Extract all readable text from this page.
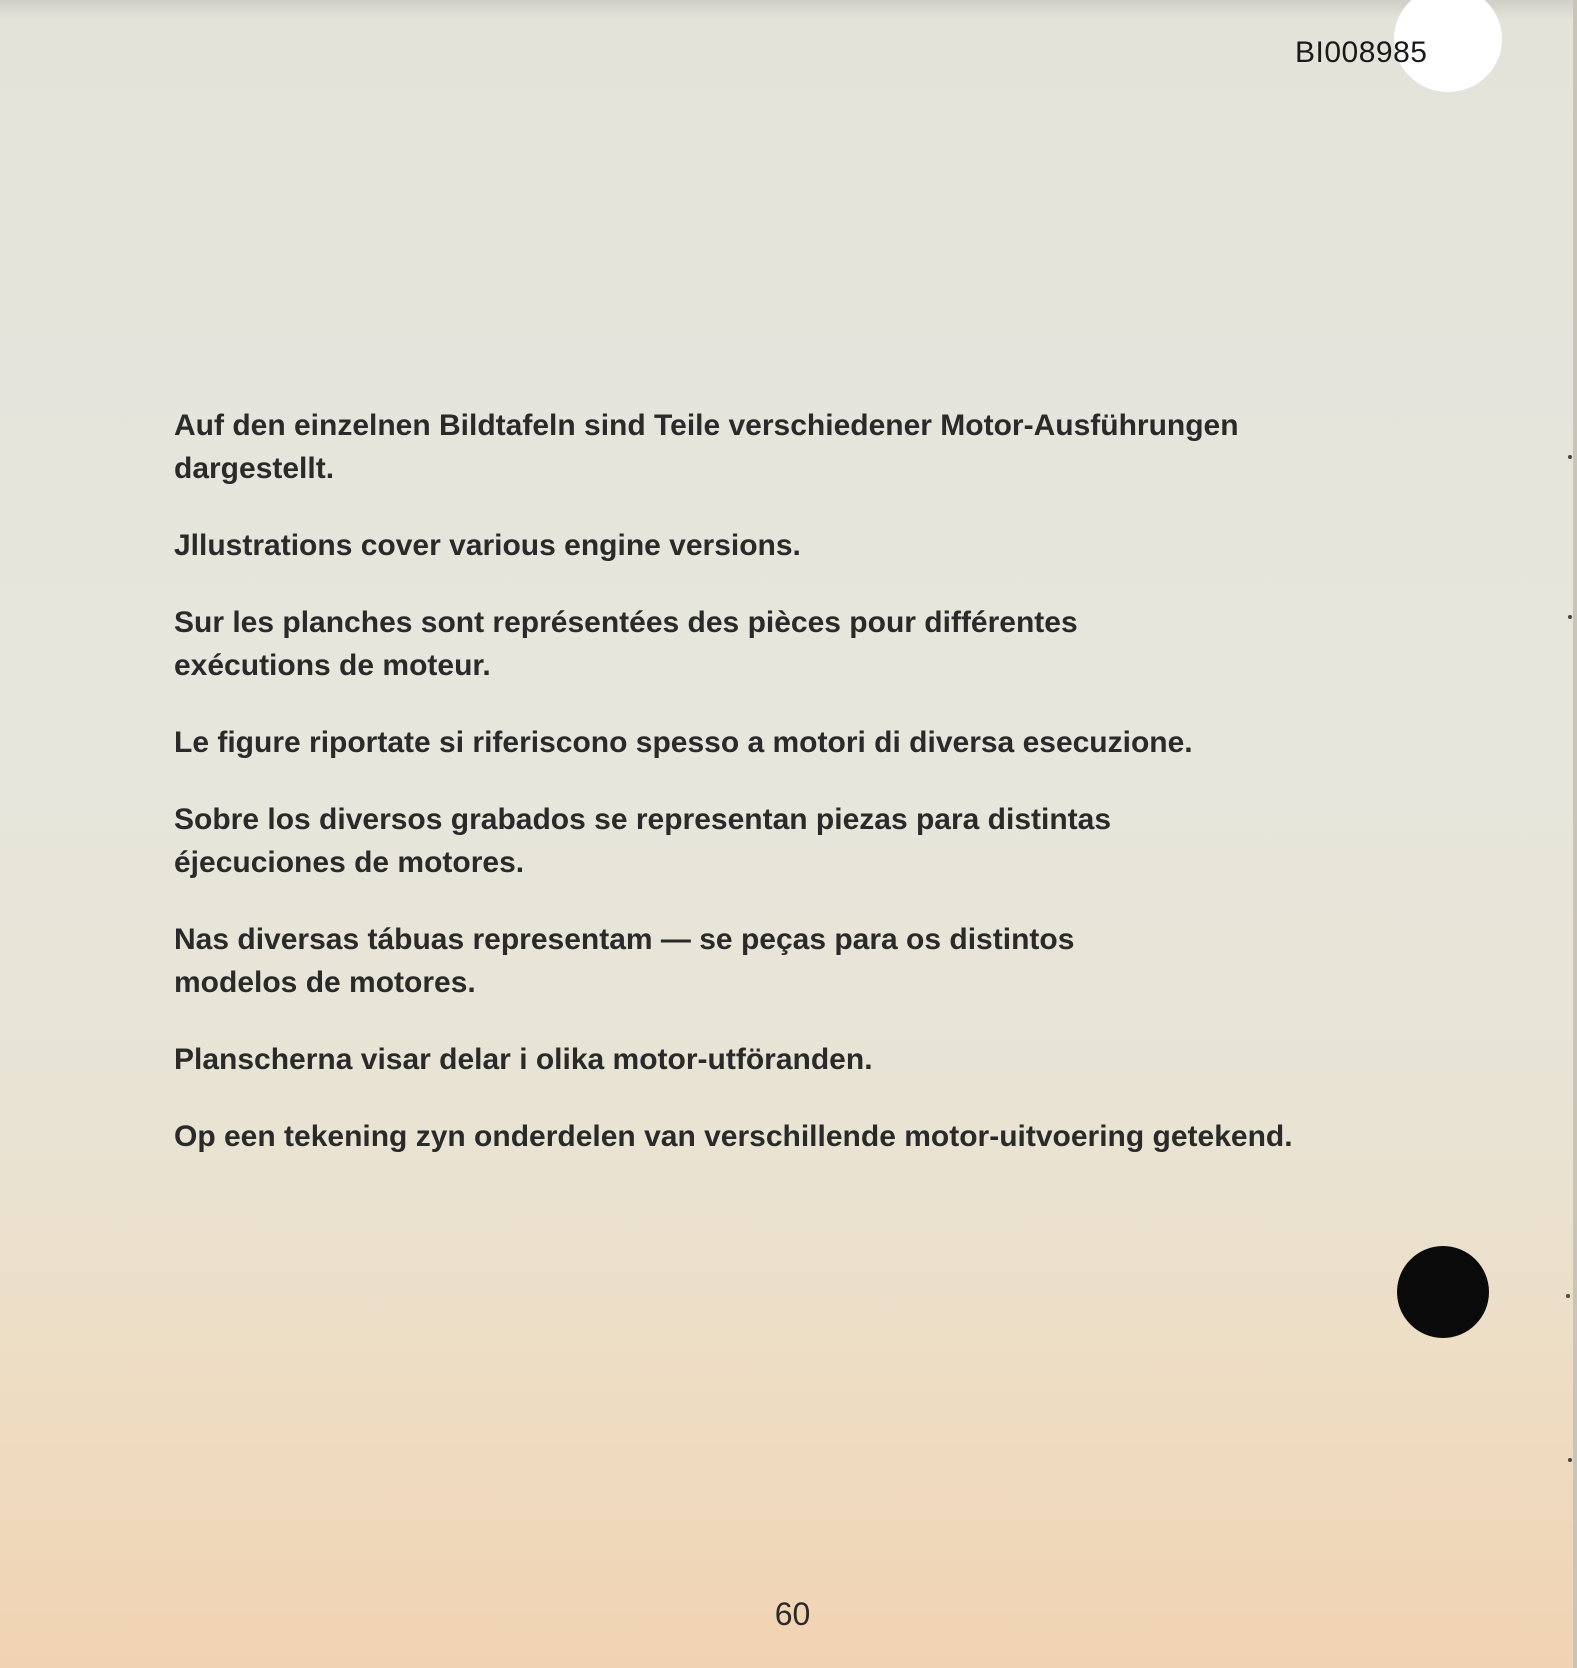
BI008985

Auf den einzelnen Bildtafeln sind Teile verschiedener Motor-Ausführungen
dargestellt.

Jllustrations cover various engine versions.

Sur les planches sont représentées des pièces pour différentes
exécutions de moteur.

Le figure riportate si riferiscono spesso a motori di diversa esecuzione.

Sobre los diversos grabados se representan piezas para distintas
éjecuciones de motores.

Nas diversas tábuas representam — se peças para os distintos
modelos de motores.

Planscherna visar delar i olika motor-utföranden.

Op een tekening zyn onderdelen van verschillende motor-uitvoering getekend.

60
